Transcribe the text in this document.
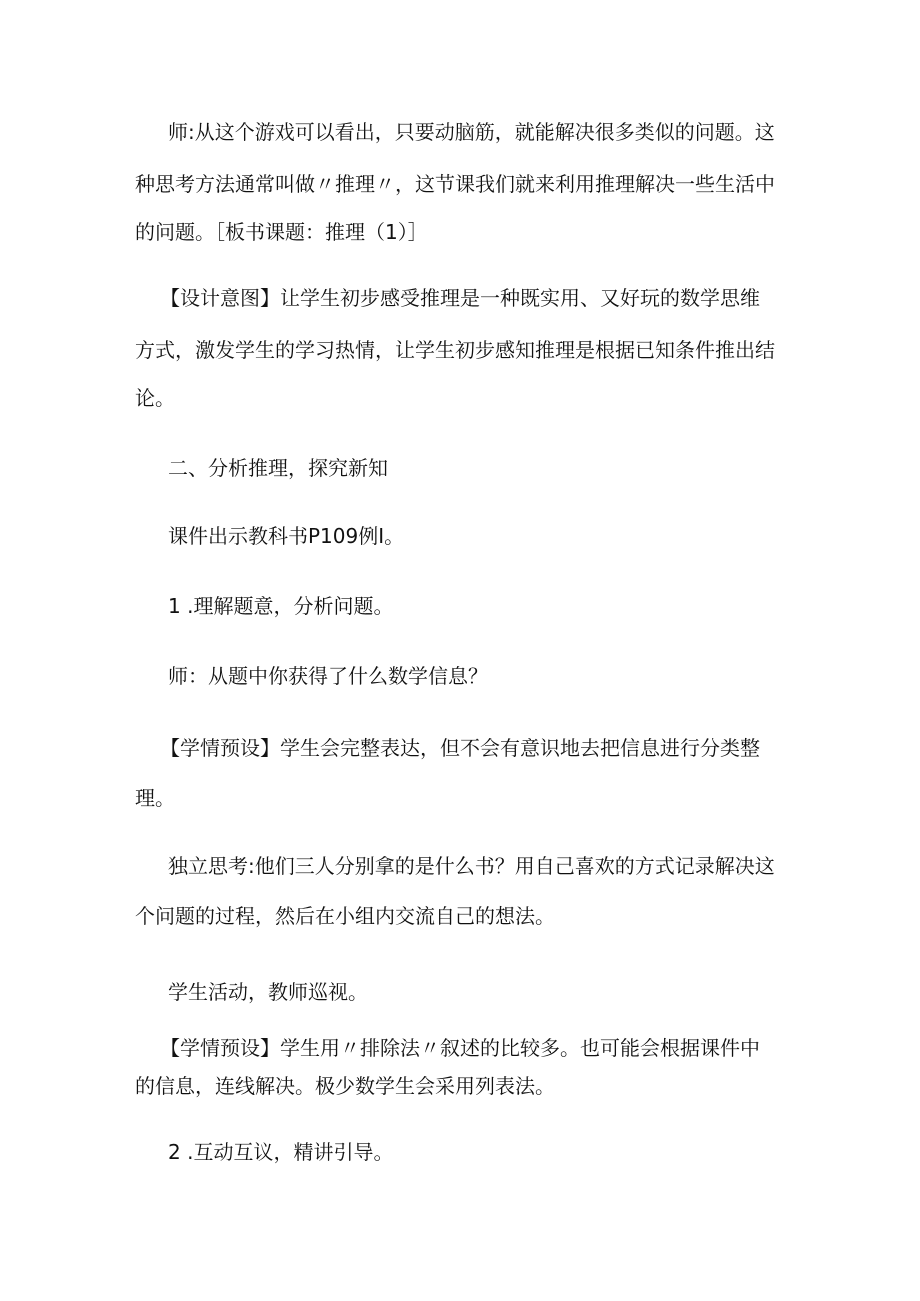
师:从这个游戏可以看出，只要动脑筋，就能解决很多类似的问题。这
种思考方法通常叫做〃推理〃，这节课我们就来利用推理解决一些生活中
的问题。［板书课题：推理（1）］
【设计意图】让学生初步感受推理是一种既实用、又好玩的数学思维
方式，激发学生的学习热情，让学生初步感知推理是根据已知条件推出结
论。
二、分析推理，探究新知
课件出示教科书P109例I。
1 .理解题意，分析问题。
师：从题中你获得了什么数学信息？
【学情预设】学生会完整表达，但不会有意识地去把信息进行分类整
理。
独立思考:他们三人分别拿的是什么书？用自己喜欢的方式记录解决这
个问题的过程，然后在小组内交流自己的想法。
学生活动，教师巡视。
【学情预设】学生用〃排除法〃叙述的比较多。也可能会根据课件中
的信息，连线解决。极少数学生会采用列表法。
2 .互动互议，精讲引导。
